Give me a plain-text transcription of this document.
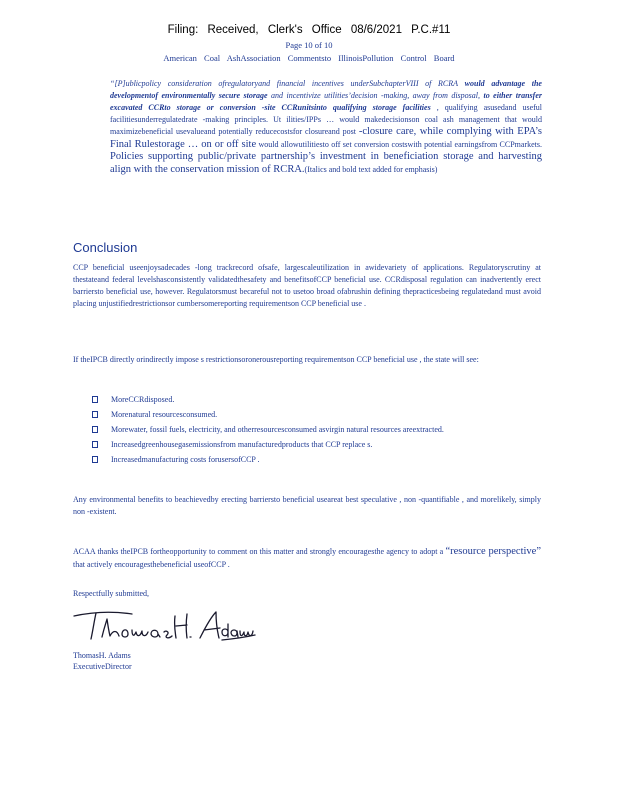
Filing: Received, Clerk's Office 08/6/2021 P.C.#11
Page 10 of 10
American Coal AshAssociation Commentsto IllinoisPollution Control Board
“[P]ublicpolicy consideration ofregulatoryand financial incentives underSubchapterVIII of RCRA would advantage the developmentof environmentally secure storage and incentivize utilities’decision -making, away from disposal, to either transfer excavated CCRto storage or conversion -site CCRunitsinto qualifying storage facilities , qualifying asusedand useful facilitiesunderregulatedrate -making principles. Ut ilities/IPPs … would makedecisionson coal ash management that would maximizebeneficial usevalueand potentially reducecostsfor closureand post -closure care, while complying with EPA’s Final Rulestorage … on or off site would allowutilitiesto off set conversion costswith potential earningsfrom CCPmarkets. Policies supporting public/private partnership’s investment in beneficiation storage and harvesting align with the conservation mission of RCRA.(Italics and bold text added for emphasis)
Conclusion
CCP beneficial useenjoysadecades -long trackrecord ofsafe, largescaleutilization in awidevariety of applications. Regulatoryscrutiny at thestateand federal levelshasconsistently validatedthesafety and benefitsofCCP beneficial use. CCRdisposal regulation can inadvertently erect barriersto beneficial use, however. Regulatorsmust becareful not to usetoo broad ofabrushin defining thepracticesbeing regulatedand must avoid placing unjustifiedrestrictionsor cumbersomereporting requirementson CCP beneficial use .
If theIPCB directly orindirectly impose s restrictionsoronerousreporting requirementson CCP beneficial use , the state will see:
MoreCCRdisposed.
Morenatural resourcesconsumed.
Morewater, fossil fuels, electricity, and otherresourcesconsumed asvirgin natural resources areextracted.
Increasedgreenhousegasemissionsfrom manufacturedproducts that CCP replace s.
Increasedmanufacturing costs forusersofCCP .
Any environmental benefits to beachievedby erecting barriersto beneficial useareat best speculative , non -quantifiable , and morelikely, simply non -existent.
ACAA thanks theIPCB fortheopportunity to comment on this matter and strongly encouragesthe agency to adopt a “resource perspective” that actively encouragesthebeneficial useofCCP .
Respectfully submitted,
ThomasH. Adams
ExecutiveDirector
